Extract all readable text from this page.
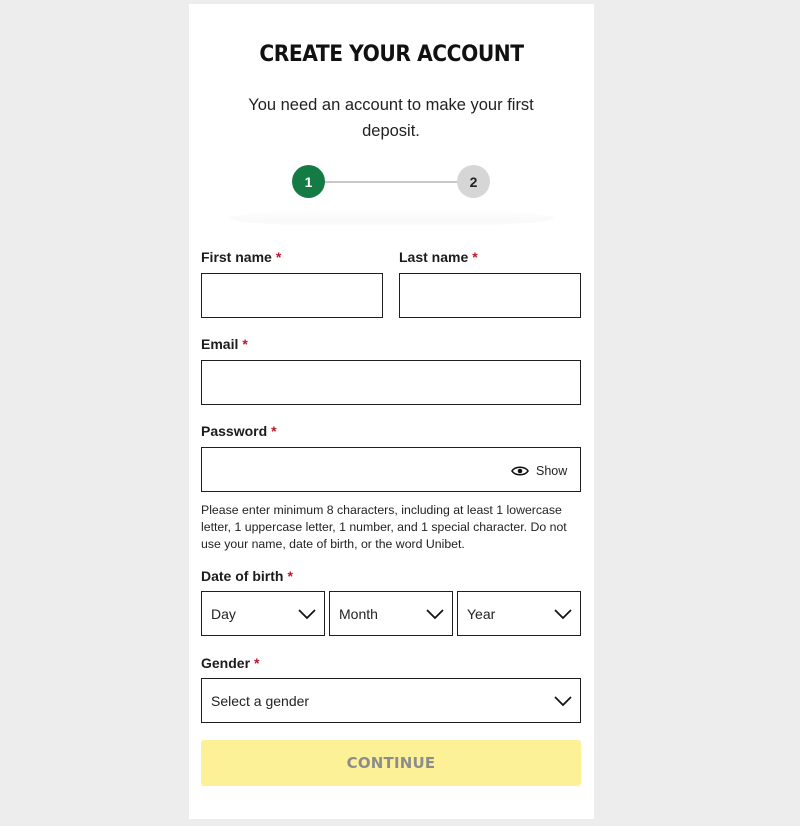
CREATE YOUR ACCOUNT
You need an account to make your first deposit.
1	2
First name *	Last name *
Email *
Password *
Show
Please enter minimum 8 characters, including at least 1 lowercase letter, 1 uppercase letter, 1 number, and 1 special character. Do not use your name, date of birth, or the word Unibet.
Date of birth *
Day	Month	Year
Gender *
Select a gender
CONTINUE
